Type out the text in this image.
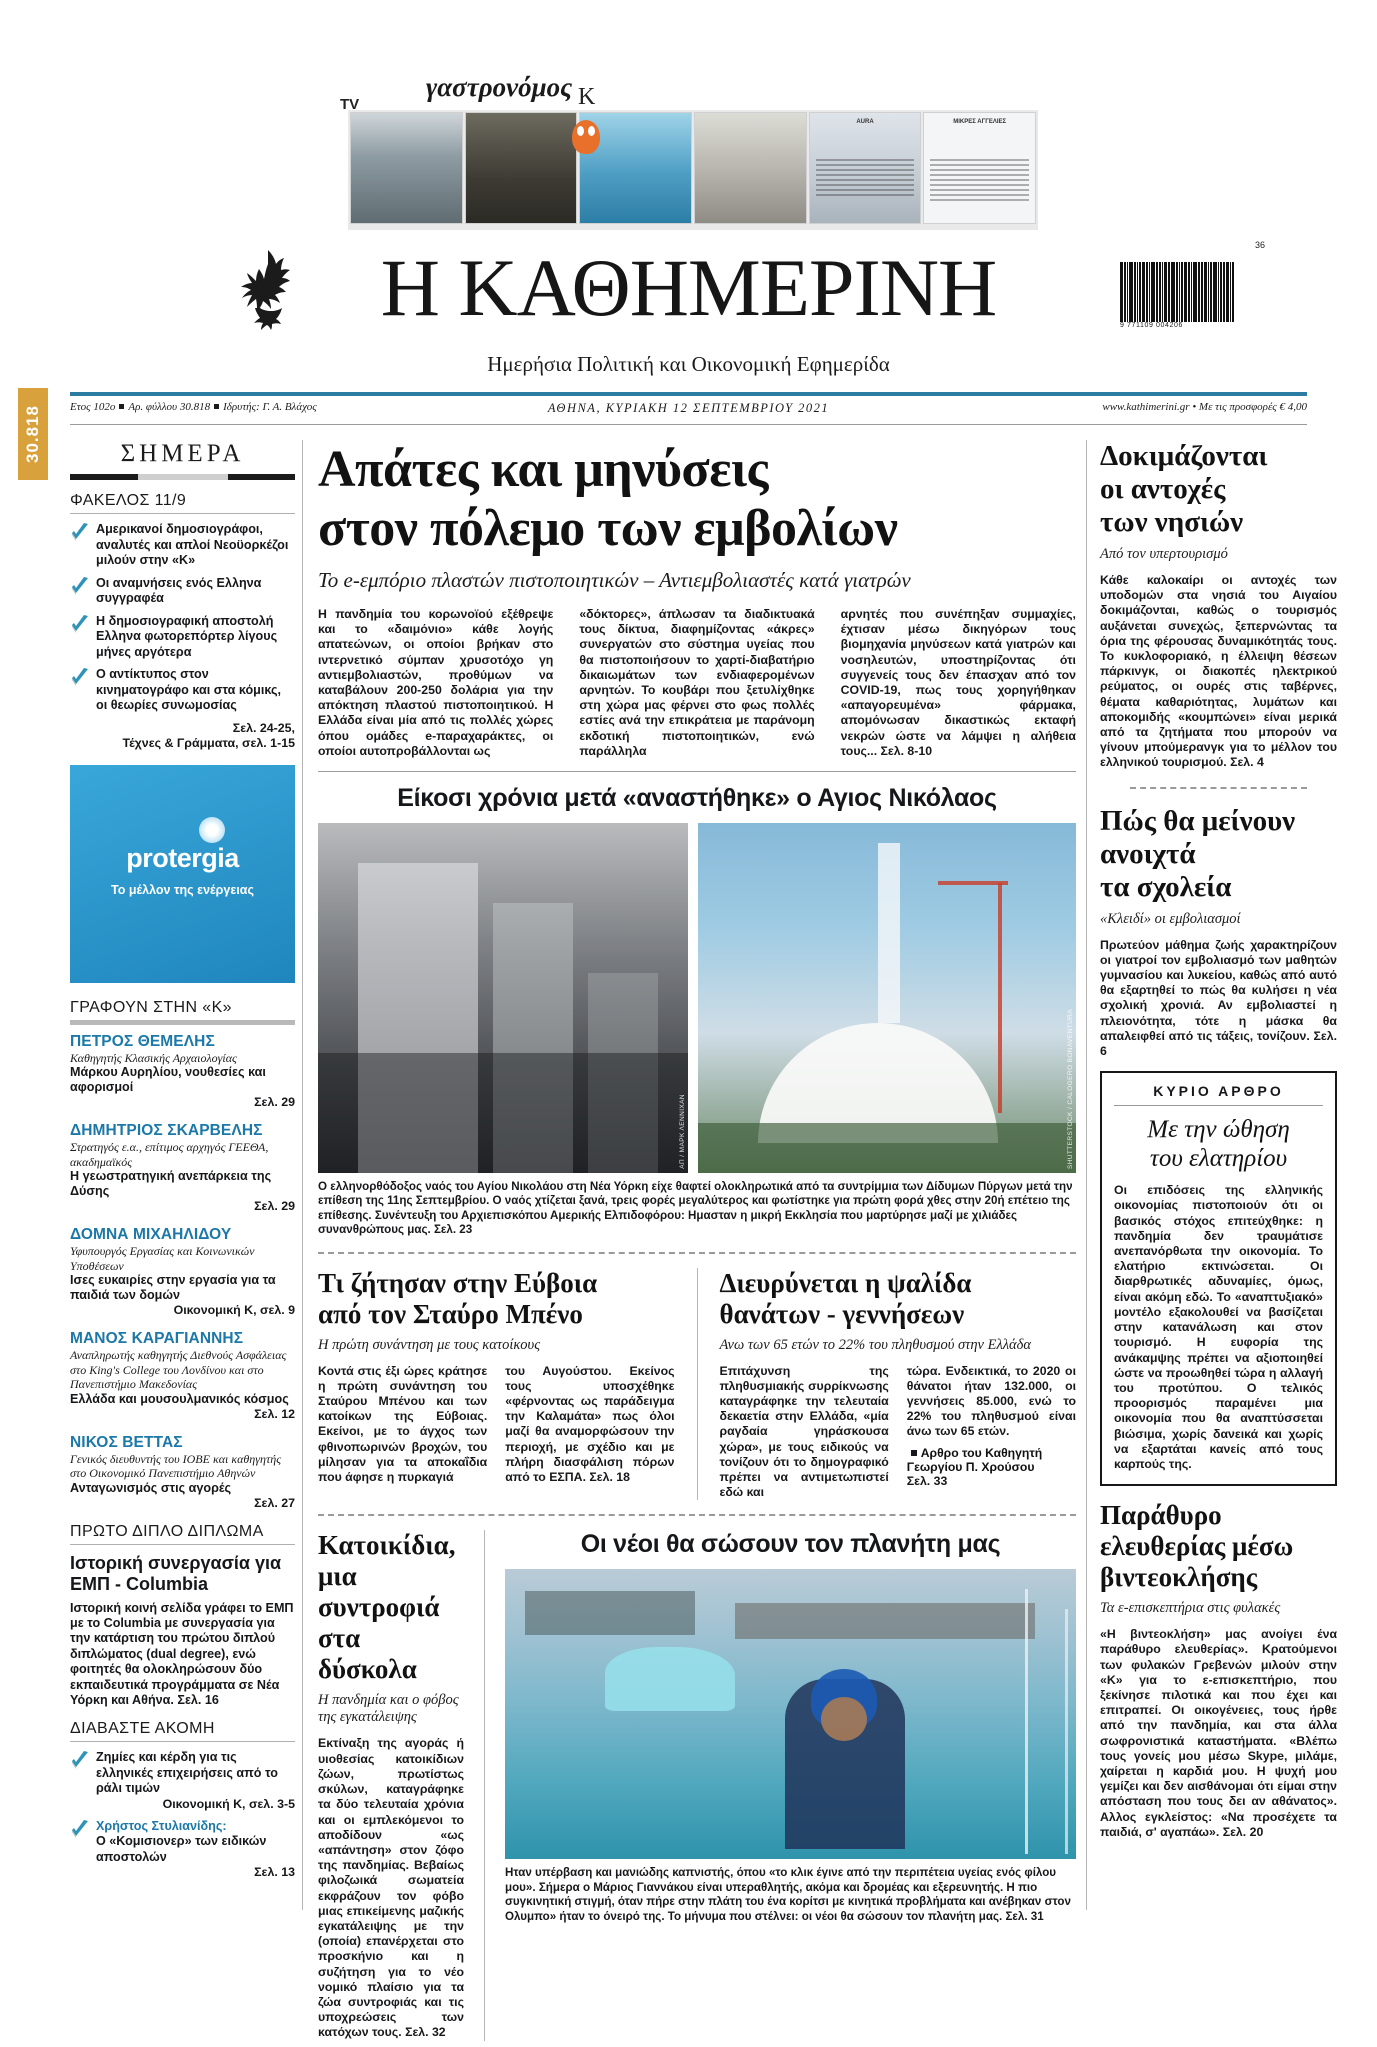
AURA	ΜΙΚΡΕΣ ΑΓΓΕΛΙΕΣ
TV
γαστρονόμος Κ
30.818
Η ΚΑΘΗΜΕΡΙΝΗ	36
9 771109 004206
Ημερήσια Πολιτική και Οικονομική Εφημερίδα
Ετος 102ο Αρ. φύλλου 30.818 Ιδρυτής: Γ. Α. Βλάχος	ΑΘΗΝΑ, ΚΥΡΙΑΚΗ 12 ΣΕΠΤΕΜΒΡΙΟΥ 2021	www.kathimerini.gr • Με τις προσφορές € 4,00
ΣΗΜΕΡΑ
ΦΑΚΕΛΟΣ 11/9
Αμερικανοί δημοσιογράφοι, αναλυτές και απλοί Νεοϋορκέζοι μιλούν στην «Κ»
Οι αναμνήσεις ενός Ελληνα συγγραφέα
Η δημοσιογραφική αποστολή Ελληνα φωτορεπόρτερ λίγους μήνες αργότερα
Ο αντίκτυπος στον κινηματογράφο και στα κόμικς, οι θεωρίες συνωμοσίας
Σελ. 24-25,
Τέχνες & Γράμματα, σελ. 1-15
protergia
Το μέλλον της ενέργειας
ΓΡΑΦΟΥΝ ΣΤΗΝ «Κ»
ΠΕΤΡΟΣ ΘΕΜΕΛΗΣ
Καθηγητής Κλασικής Αρχαιολογίας
Μάρκου Αυρηλίου, νουθεσίες και αφορισμοί
Σελ. 29
ΔΗΜΗΤΡΙΟΣ ΣΚΑΡΒΕΛΗΣ
Στρατηγός ε.α., επίτιμος αρχηγός ΓΕΕΘΑ, ακαδημαϊκός
Η γεωστρατηγική ανεπάρκεια της Δύσης
Σελ. 29
ΔΟΜΝΑ ΜΙΧΑΗΛΙΔΟΥ
Υφυπουργός Εργασίας και Κοινωνικών Υποθέσεων
Ισες ευκαιρίες στην εργασία για τα παιδιά των δομών
Οικονομική Κ, σελ. 9
ΜΑΝΟΣ ΚΑΡΑΓΙΑΝΝΗΣ
Αναπληρωτής καθηγητής Διεθνούς Ασφάλειας στο King's College του Λονδίνου και στο Πανεπιστήμιο Μακεδονίας
Ελλάδα και μουσουλμανικός κόσμος
Σελ. 12
ΝΙΚΟΣ ΒΕΤΤΑΣ
Γενικός διευθυντής του ΙΟΒΕ και καθηγητής στο Οικονομικό Πανεπιστήμιο Αθηνών
Ανταγωνισμός στις αγορές
Σελ. 27
ΠΡΩΤΟ ΔΙΠΛΟ ΔΙΠΛΩΜΑ
Ιστορική συνεργασία για ΕΜΠ - Columbia
Ιστορική κοινή σελίδα γράφει το ΕΜΠ με το Columbia με συνεργασία για την κατάρτιση του πρώτου διπλού διπλώματος (dual degree), ενώ φοιτητές θα ολοκληρώσουν δύο εκπαιδευτικά προγράμματα σε Νέα Υόρκη και Αθήνα. Σελ. 16
ΔΙΑΒΑΣΤΕ ΑΚΟΜΗ
Ζημίες και κέρδη για τις ελληνικές επιχειρήσεις από το ράλι τιμών
Οικονομική Κ, σελ. 3-5
Χρήστος Στυλιανίδης:
Ο «Κομισιονερ» των ειδικών αποστολών
Σελ. 13
Απάτες και μηνύσεις
στον πόλεμο των εμβολίων
Το e-εμπόριο πλαστών πιστοποιητικών – Αντιεμβολιαστές κατά γιατρών
Η πανδημία του κορωνοϊού εξέθρεψε και το «δαιμόνιο» κάθε λογής απατεώνων, οι οποίοι βρήκαν στο ιντερνετικό σύμπαν χρυσοτόχο γη αντιεμβολιαστών, προθύμων να καταβάλουν 200-250 δολάρια για την απόκτηση πλαστού πιστοποιητικού. Η Ελλάδα είναι μία από τις πολλές χώρες όπου ομάδες e-παραχαράκτες, οι οποίοι αυτοπροβάλλονται ως
«δόκτορες», άπλωσαν τα διαδικτυακά τους δίκτυα, διαφημίζοντας «άκρες» συνεργατών στο σύστημα υγείας που θα πιστοποιήσουν το χαρτί-διαβατήριο δικαιωμάτων των ενδιαφερομένων αρνητών. Το κουβάρι που ξετυλίχθηκε στη χώρα μας φέρνει στο φως πολλές εστίες ανά την επικράτεια με παράνομη εκδοτική πιστοποιητικών, ενώ παράλληλα
αρνητές που συνέπηξαν συμμαχίες, έχτισαν μέσω δικηγόρων τους βιομηχανία μηνύσεων κατά γιατρών και νοσηλευτών, υποστηρίζοντας ότι συγγενείς τους δεν έπασχαν από τον COVID-19, πως τους χορηγήθηκαν «απαγορευμένα» φάρμακα, απομόνωσαν δικαστικώς εκταφή νεκρών ώστε να λάμψει η αλήθεια τους... Σελ. 8-10
Είκοσι χρόνια μετά «αναστήθηκε» ο Αγιος Νικόλαος
ΑΠ / ΜΑΡΚ ΛΕΝΝΙΧΑΝ	SHUTTERSTOCK / CALOGERO BONAVENTURA
Ο ελληνορθόδοξος ναός του Αγίου Νικολάου στη Νέα Υόρκη είχε θαφτεί ολοκληρωτικά από τα συντρίμμια των Δίδυμων Πύργων μετά την επίθεση της 11ης Σεπτεμβρίου. Ο ναός χτίζεται ξανά, τρεις φορές μεγαλύτερος και φωτίστηκε για πρώτη φορά χθες στην 20ή επέτειο της επίθεσης. Συνέντευξη του Αρχιεπισκόπου Αμερικής Ελπιδοφόρου: Ημασταν η μικρή Εκκλησία που μαρτύρησε μαζί με χιλιάδες συνανθρώπους μας. Σελ. 23
Τι ζήτησαν στην Εύβοια
από τον Σταύρο Μπένο
Η πρώτη συνάντηση με τους κατοίκους
Κοντά στις έξι ώρες κράτησε η πρώτη συνάντηση του Σταύρου Μπένου και των κατοίκων της Εύβοιας. Εκείνοι, με το άγχος των φθινοπωρινών βροχών, του μίλησαν για τα αποκαΐδια που άφησε η πυρκαγιά
του Αυγούστου. Εκείνος τους υποσχέθηκε «φέρνοντας ως παράδειγμα την Καλαμάτα» πως όλοι μαζί θα αναμορφώσουν την περιοχή, με σχέδιο και με πλήρη διασφάλιση πόρων από το ΕΣΠΑ. Σελ. 18
Διευρύνεται η ψαλίδα
θανάτων - γεννήσεων
Ανω των 65 ετών το 22% του πληθυσμού στην Ελλάδα
Επιτάχυνση της πληθυσμιακής συρρίκνωσης καταγράφηκε την τελευταία δεκαετία στην Ελλάδα, «μία ραγδαία γηράσκουσα χώρα», με τους ειδικούς να τονίζουν ότι το δημογραφικό πρέπει να αντιμετωπιστεί εδώ και
τώρα. Ενδεικτικά, το 2020 οι θάνατοι ήταν 132.000, οι γεννήσεις 85.000, ενώ το 22% του πληθυσμού είναι άνω των 65 ετών.
Αρθρο του Καθηγητή Γεωργίου Π. Χρούσου
Σελ. 33
Κατοικίδια,
μια συντροφιά
στα δύσκολα
Η πανδημία και ο φόβος
της εγκατάλειψης
Εκτίναξη της αγοράς ή υιοθεσίας κατοικίδιων ζώων, πρωτίστως σκύλων, καταγράφηκε τα δύο τελευταία χρόνια και οι εμπλεκόμενοι το αποδίδουν «ως «απάντηση» στον ζόφο της πανδημίας. Βεβαίως φιλοζωικά σωματεία εκφράζουν τον φόβο μιας επικείμενης μαζικής εγκατάλειψης με την (οποία) επανέρχεται στο προσκήνιο και η συζήτηση για το νέο νομικό πλαίσιο για τα ζώα συντροφιάς και τις υποχρεώσεις των κατόχων τους. Σελ. 32
Οι νέοι θα σώσουν τον πλανήτη μας
Ηταν υπέρβαση και μανιώδης καπνιστής, όπου «το κλικ έγινε από την περιπέτεια υγείας ενός φίλου μου». Σήμερα ο Μάριος Γιαννάκου είναι υπεραθλητής, ακόμα και δρομέας και εξερευνητής. Η πιο συγκινητική στιγμή, όταν πήρε στην πλάτη του ένα κορίτσι με κινητικά προβλήματα και ανέβηκαν στον Ολυμπο» ήταν το όνειρό της. Το μήνυμα που στέλνει: οι νέοι θα σώσουν τον πλανήτη μας. Σελ. 31
Δοκιμάζονται
οι αντοχές
των νησιών
Από τον υπερτουρισμό
Κάθε καλοκαίρι οι αντοχές των υποδομών στα νησιά του Αιγαίου δοκιμάζονται, καθώς ο τουρισμός αυξάνεται συνεχώς, ξεπερνώντας τα όρια της φέρουσας δυναμικότητάς τους. Το κυκλοφοριακό, η έλλειψη θέσεων πάρκινγκ, οι διακοπές ηλεκτρικού ρεύματος, οι ουρές στις ταβέρνες, θέματα καθαριότητας, λυμάτων και αποκομιδής «κουμπώνει» είναι μερικά από τα ζητήματα που μπορούν να γίνουν μπούμερανγκ για το μέλλον του ελληνικού τουρισμού. Σελ. 4
Πώς θα μείνουν
ανοιχτά
τα σχολεία
«Κλειδί» οι εμβολιασμοί
Πρωτεύον μάθημα ζωής χαρακτηρίζουν οι γιατροί τον εμβολιασμό των μαθητών γυμνασίου και λυκείου, καθώς από αυτό θα εξαρτηθεί το πώς θα κυλήσει η νέα σχολική χρονιά. Αν εμβολιαστεί η πλειονότητα, τότε η μάσκα θα απαλειφθεί από τις τάξεις, τονίζουν. Σελ. 6
ΚΥΡΙΟ ΑΡΘΡΟ
Με την ώθηση
του ελατηρίου
Οι επιδόσεις της ελληνικής οικονομίας πιστοποιούν ότι οι βασικός στόχος επιτεύχθηκε: η πανδημία δεν τραυμάτισε ανεπανόρθωτα την οικονομία. Το ελατήριο εκτινώσεται. Οι διαρθρωτικές αδυναμίες, όμως, είναι ακόμη εδώ. Το «αναπτυξιακό» μοντέλο εξακολουθεί να βασίζεται στην κατανάλωση και στον τουρισμό. Η ευφορία της ανάκαμψης πρέπει να αξιοποιηθεί ώστε να προωθηθεί τώρα η αλλαγή του προτύπου. Ο τελικός προορισμός παραμένει μια οικονομία που θα αναπτύσσεται βιώσιμα, χωρίς δανεικά και χωρίς να εξαρτάται κανείς από τους καρπούς της.
Παράθυρο
ελευθερίας μέσω
βιντεοκλήσης
Τα ε-επισκεπτήρια στις φυλακές
«Η βιντεοκλήση» μας ανοίγει ένα παράθυρο ελευθερίας». Κρατούμενοι των φυλακών Γρεβενών μιλούν στην «Κ» για το ε-επισκεπτήριο, που ξεκίνησε πιλοτικά και που έχει και επιτραπεί. Οι οικογένειες, τους ήρθε από την πανδημία, και στα άλλα σωφρονιστικά καταστήματα. «Βλέπω τους γονείς μου μέσω Skype, μιλάμε, χαίρεται η καρδιά μου. Η ψυχή μου γεμίζει και δεν αισθάνομαι ότι είμαι στην απόσταση που τους δει αν αθάνατος». Αλλος εγκλείστος: «Να προσέχετε τα παιδιά, σ' αγαπάω». Σελ. 20
